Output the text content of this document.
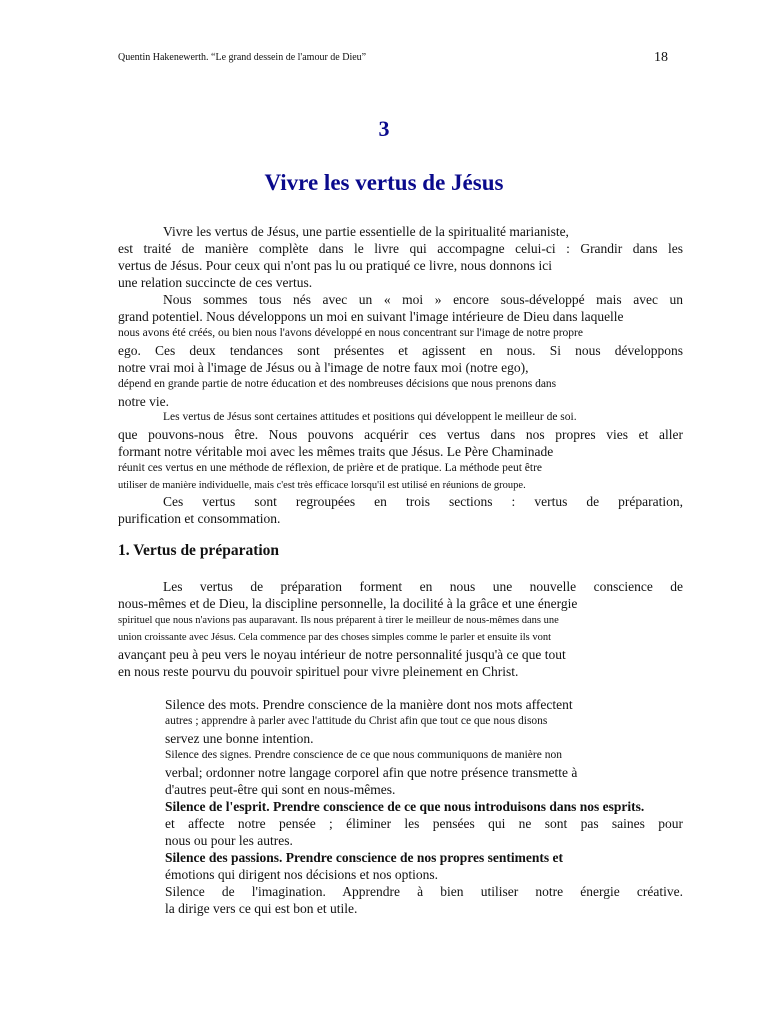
Quentin Hakenewerth. “Le grand dessein de l'amour de Dieu”	18
3
Vivre les vertus de Jésus

Vivre les vertus de Jésus, une partie essentielle de la spiritualité marianiste,
est traité de manière complète dans le livre qui accompagne celui-ci : Grandir dans les
vertus de Jésus. Pour ceux qui n'ont pas lu ou pratiqué ce livre, nous donnons ici
une relation succincte de ces vertus.

Nous sommes tous nés avec un « moi » encore sous-développé mais avec un
grand potentiel. Nous développons un moi en suivant l'image intérieure de Dieu dans laquelle
nous avons été créés, ou bien nous l'avons développé en nous concentrant sur l'image de notre propre
ego. Ces deux tendances sont présentes et agissent en nous. Si nous développons
notre vrai moi à l'image de Jésus ou à l'image de notre faux moi (notre ego),
dépend en grande partie de notre éducation et des nombreuses décisions que nous prenons dans
notre vie.

Les vertus de Jésus sont certaines attitudes et positions qui développent le meilleur de soi.
que pouvons-nous être. Nous pouvons acquérir ces vertus dans nos propres vies et aller
formant notre véritable moi avec les mêmes traits que Jésus. Le Père Chaminade
réunit ces vertus en une méthode de réflexion, de prière et de pratique. La méthode peut être
utiliser de manière individuelle, mais c'est très efficace lorsqu'il est utilisé en réunions de groupe.

Ces vertus sont regroupées en trois sections : vertus de préparation,
purification et consommation.

1. Vertus de préparation

Les vertus de préparation forment en nous une nouvelle conscience de
nous-mêmes et de Dieu, la discipline personnelle, la docilité à la grâce et une énergie
spirituel que nous n'avions pas auparavant. Ils nous préparent à tirer le meilleur de nous-mêmes dans une
union croissante avec Jésus. Cela commence par des choses simples comme le parler et ensuite ils vont
avançant peu à peu vers le noyau intérieur de notre personnalité jusqu'à ce que tout
en nous reste pourvu du pouvoir spirituel pour vivre pleinement en Christ.

Silence des mots. Prendre conscience de la manière dont nos mots affectent
autres ; apprendre à parler avec l'attitude du Christ afin que tout ce que nous disons
servez une bonne intention.
Silence des signes. Prendre conscience de ce que nous communiquons de manière non
verbal; ordonner notre langage corporel afin que notre présence transmette à
d'autres peut-être qui sont en nous-mêmes.
Silence de l'esprit. Prendre conscience de ce que nous introduisons dans nos esprits.
et affecte notre pensée ; éliminer les pensées qui ne sont pas saines pour
nous ou pour les autres.
Silence des passions. Prendre conscience de nos propres sentiments et
émotions qui dirigent nos décisions et nos options.
Silence de l'imagination. Apprendre à bien utiliser notre énergie créative.
la dirige vers ce qui est bon et utile.
